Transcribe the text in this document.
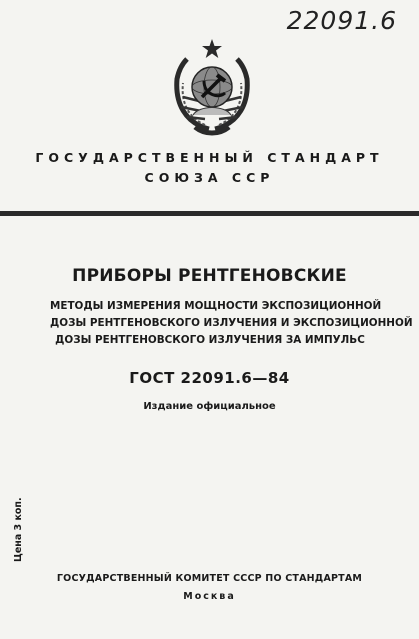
22091.6
ГОСУДАРСТВЕННЫЙ СТАНДАРТ
СОЮЗА ССР
ПРИБОРЫ РЕНТГЕНОВСКИЕ
МЕТОДЫ ИЗМЕРЕНИЯ МОЩНОСТИ ЭКСПОЗИЦИОННОЙ
ДОЗЫ РЕНТГЕНОВСКОГО ИЗЛУЧЕНИЯ И ЭКСПОЗИЦИОННОЙ
ДОЗЫ РЕНТГЕНОВСКОГО ИЗЛУЧЕНИЯ ЗА ИМПУЛЬС
ГОСТ 22091.6—84
Издание официальное
Цена 3 коп.
ГОСУДАРСТВЕННЫЙ КОМИТЕТ СССР ПО СТАНДАРТАМ
Москва
